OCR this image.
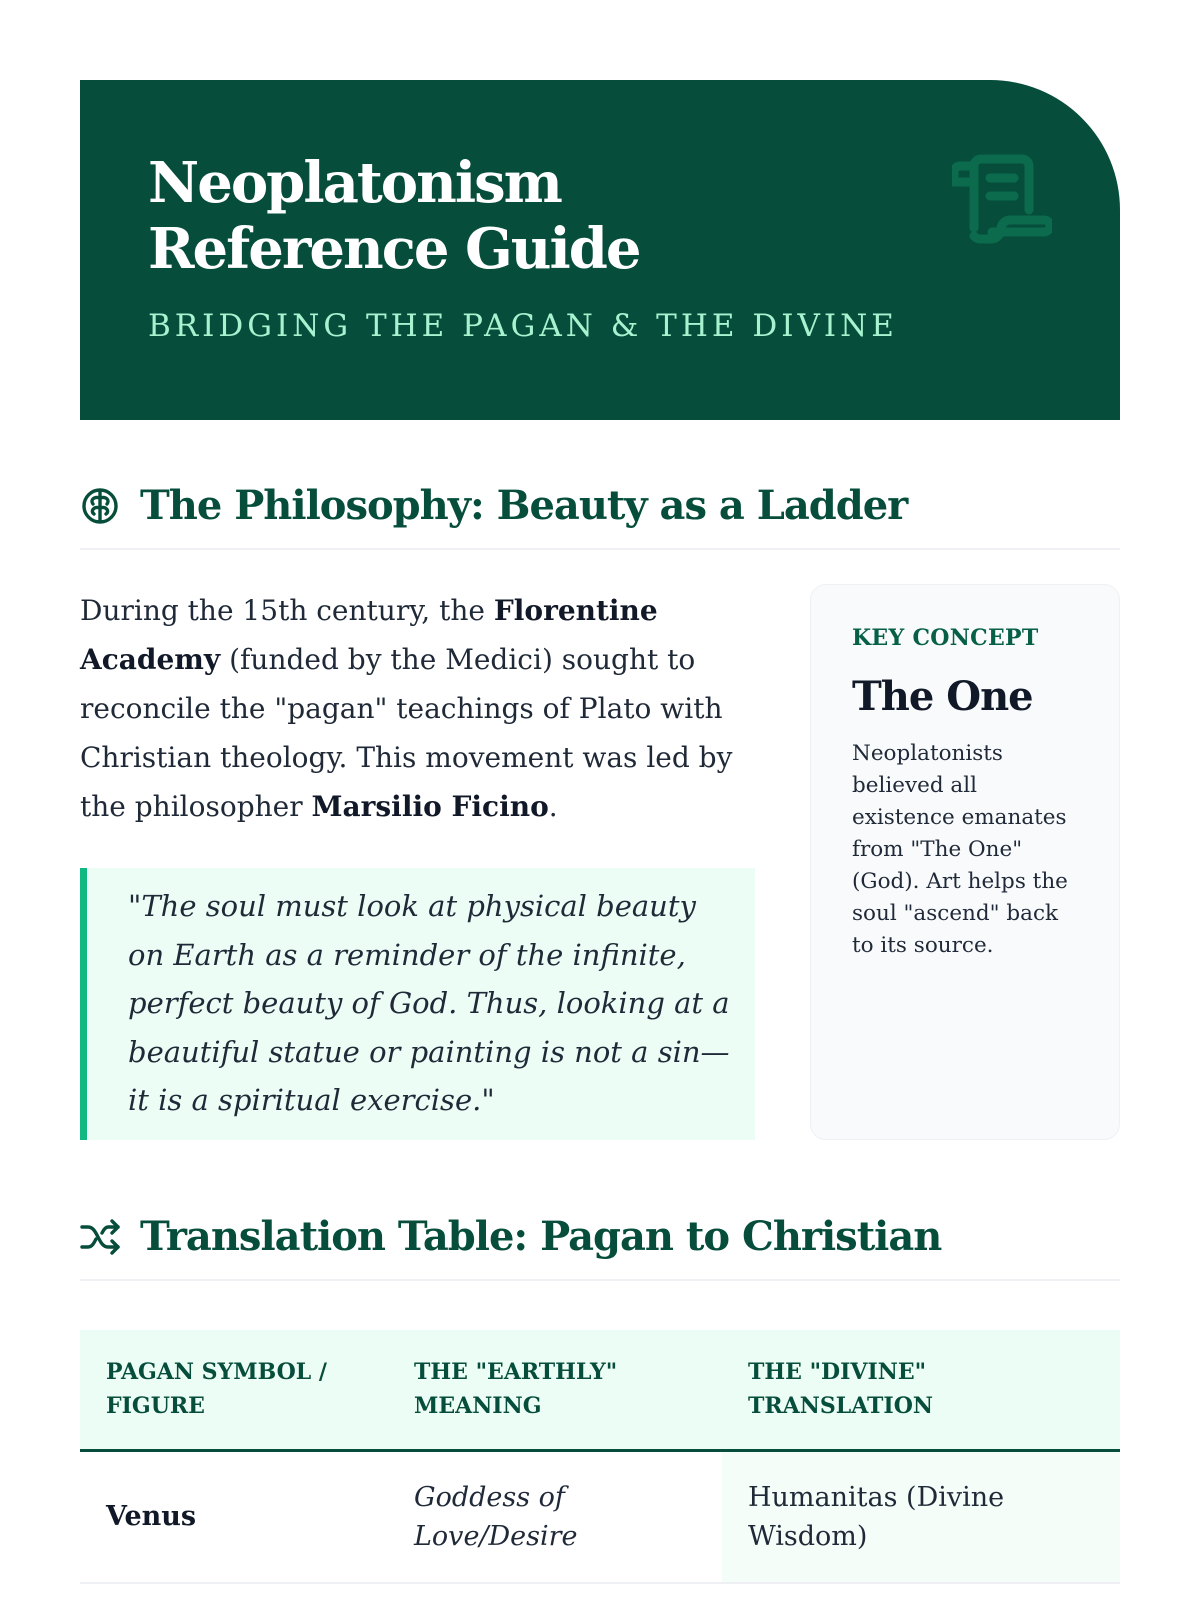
Neoplatonism Reference Guide
BRIDGING THE PAGAN & THE DIVINE
The Philosophy: Beauty as a Ladder

During the 15th century, the Florentine Academy (funded by the Medici) sought to reconcile the "pagan" teachings of Plato with Christian theology. This movement was led by the philosopher Marsilio Ficino.

"The soul must look at physical beauty on Earth as a reminder of the infinite, perfect beauty of God. Thus, looking at a beautiful statue or painting is not a sin—it is a spiritual exercise."
KEY CONCEPT
The One
Neoplatonists believed all existence emanates from "The One" (God). Art helps the soul "ascend" back to its source.
Translation Table: Pagan to Christian
PAGAN SYMBOL / FIGURE	THE "EARTHLY" MEANING	THE "DIVINE" TRANSLATION
Venus	Goddess of Love/Desire	Humanitas (Divine Wisdom)
